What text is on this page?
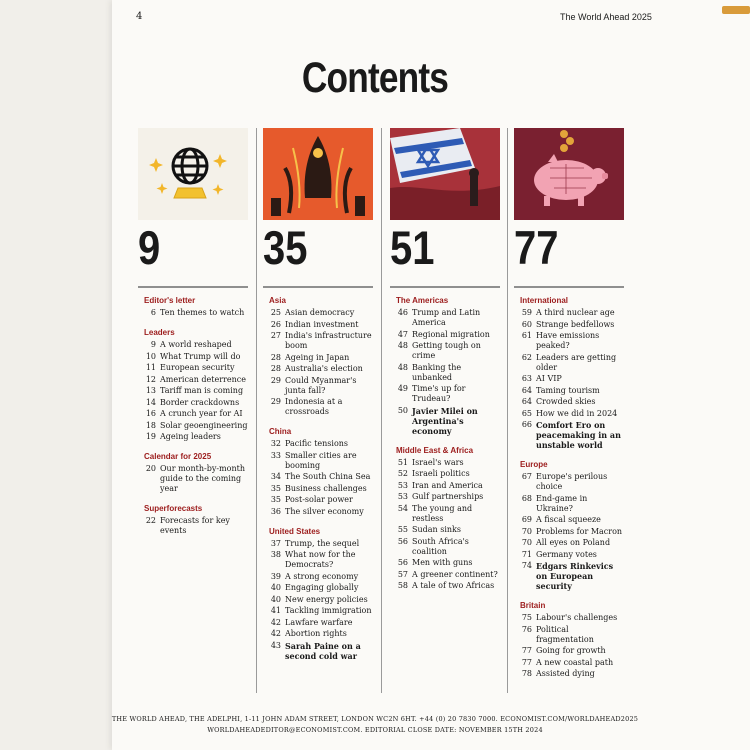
4	The World Ahead 2025
Contents
9
Editor's letter
6 Ten themes to watch
Leaders
9 A world reshaped
10 What Trump will do
11 European security
12 American deterrence
13 Tariff man is coming
14 Border crackdowns
16 A crunch year for AI
18 Solar geoengineering
19 Ageing leaders
Calendar for 2025
20 Our month-by-month guide to the coming year
Superforecasts
22 Forecasts for key events
35
Asia
25 Asian democracy
26 Indian investment
27 India's infrastructure boom
28 Ageing in Japan
28 Australia's election
29 Could Myanmar's junta fall?
29 Indonesia at a crossroads
China
32 Pacific tensions
33 Smaller cities are booming
34 The South China Sea
35 Business challenges
35 Post-solar power
36 The silver economy
United States
37 Trump, the sequel
38 What now for the Democrats?
39 A strong economy
40 Engaging globally
40 New energy policies
41 Tackling immigration
42 Lawfare warfare
42 Abortion rights
43 Sarah Paine on a second cold war
51
The Americas
46 Trump and Latin America
47 Regional migration
48 Getting tough on crime
48 Banking the unbanked
49 Time's up for Trudeau?
50 Javier Milei on Argentina's economy
Middle East & Africa
51 Israel's wars
52 Israeli politics
53 Iran and America
53 Gulf partnerships
54 The young and restless
55 Sudan sinks
56 South Africa's coalition
56 Men with guns
57 A greener continent?
58 A tale of two Africas
77
International
59 A third nuclear age
60 Strange bedfellows
61 Have emissions peaked?
62 Leaders are getting older
63 AI VIP
64 Taming tourism
64 Crowded skies
65 How we did in 2024
66 Comfort Ero on peacemaking in an unstable world
Europe
67 Europe's perilous choice
68 End-game in Ukraine?
69 A fiscal squeeze
70 Problems for Macron
70 All eyes on Poland
71 Germany votes
74 Edgars Rinkevics on European security
Britain
75 Labour's challenges
76 Political fragmentation
77 Going for growth
77 A new coastal path
78 Assisted dying
THE WORLD AHEAD, THE ADELPHI, 1-11 JOHN ADAM STREET, LONDON WC2N 6HT. +44 (0) 20 7830 7000. ECONOMIST.COM/WORLDAHEAD2025
WORLDAHEADEDITOR@ECONOMIST.COM. EDITORIAL CLOSE DATE: NOVEMBER 15TH 2024
